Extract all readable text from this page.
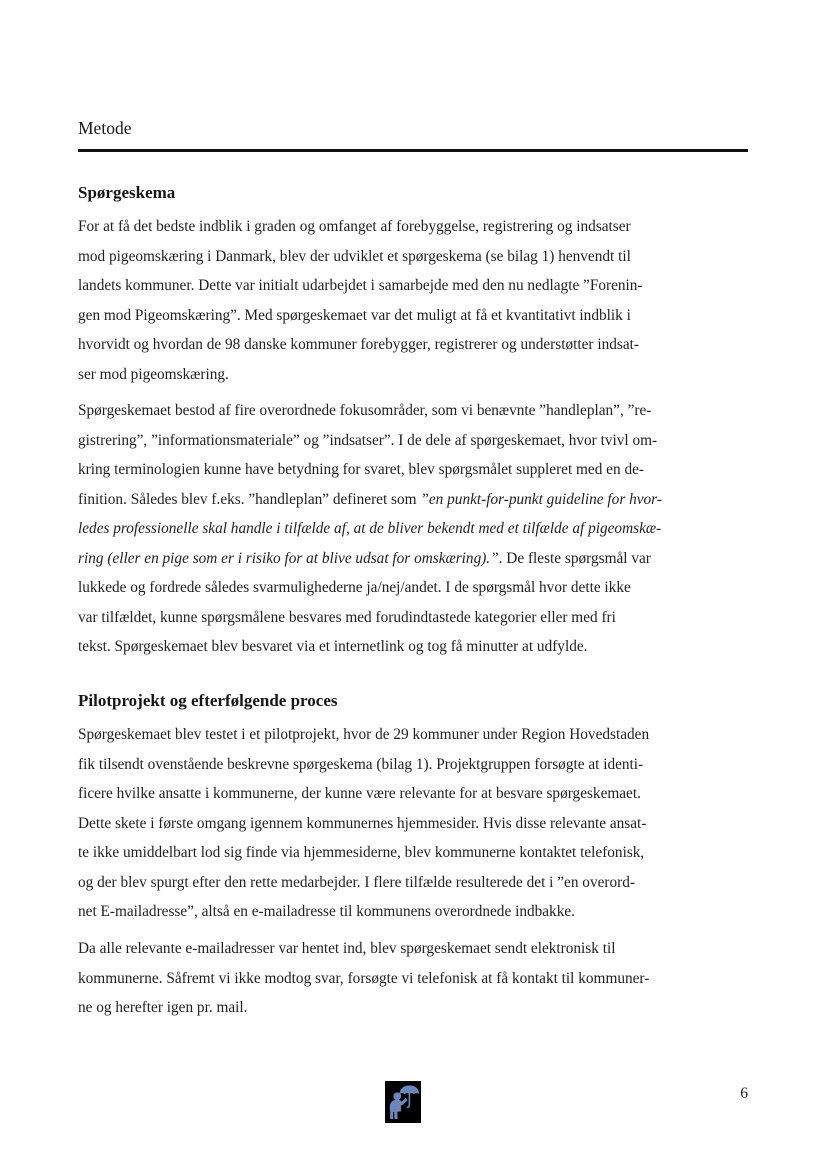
Metode
Spørgeskema
For at få det bedste indblik i graden og omfanget af forebyggelse, registrering og indsatser
mod pigeomskæring i Danmark, blev der udviklet et spørgeskema (se bilag 1) henvendt til
landets kommuner. Dette var initialt udarbejdet i samarbejde med den nu nedlagte ”Forenin-
gen mod Pigeomskæring”. Med spørgeskemaet var det muligt at få et kvantitativt indblik i
hvorvidt og hvordan de 98 danske kommuner forebygger, registrerer og understøtter indsat-
ser mod pigeomskæring.
Spørgeskemaet bestod af fire overordnede fokusområder, som vi benævnte ”handleplan”, ”re-
gistrering”, ”informationsmateriale” og ”indsatser”. I de dele af spørgeskemaet, hvor tvivl om-
kring terminologien kunne have betydning for svaret, blev spørgsmålet suppleret med en de-
finition. Således blev f.eks. ”handleplan” defineret som ”en punkt-for-punkt guideline for hvor-
ledes professionelle skal handle i tilfælde af, at de bliver bekendt med et tilfælde af pigeomskæ-
ring (eller en pige som er i risiko for at blive udsat for omskæring).”. De fleste spørgsmål var
lukkede og fordrede således svarmulighederne ja/nej/andet. I de spørgsmål hvor dette ikke
var tilfældet, kunne spørgsmålene besvares med forudindtastede kategorier eller med fri
tekst. Spørgeskemaet blev besvaret via et internetlink og tog få minutter at udfylde.
Pilotprojekt og efterfølgende proces
Spørgeskemaet blev testet i et pilotprojekt, hvor de 29 kommuner under Region Hovedstaden
fik tilsendt ovenstående beskrevne spørgeskema (bilag 1). Projektgruppen forsøgte at identi-
ficere hvilke ansatte i kommunerne, der kunne være relevante for at besvare spørgeskemaet.
Dette skete i første omgang igennem kommunernes hjemmesider. Hvis disse relevante ansat-
te ikke umiddelbart lod sig finde via hjemmesiderne, blev kommunerne kontaktet telefonisk,
og der blev spurgt efter den rette medarbejder. I flere tilfælde resulterede det i ”en overord-
net E-mailadresse”, altså en e-mailadresse til kommunens overordnede indbakke.
Da alle relevante e-mailadresser var hentet ind, blev spørgeskemaet sendt elektronisk til
kommunerne. Såfremt vi ikke modtog svar, forsøgte vi telefonisk at få kontakt til kommuner-
ne og herefter igen pr. mail.
6
